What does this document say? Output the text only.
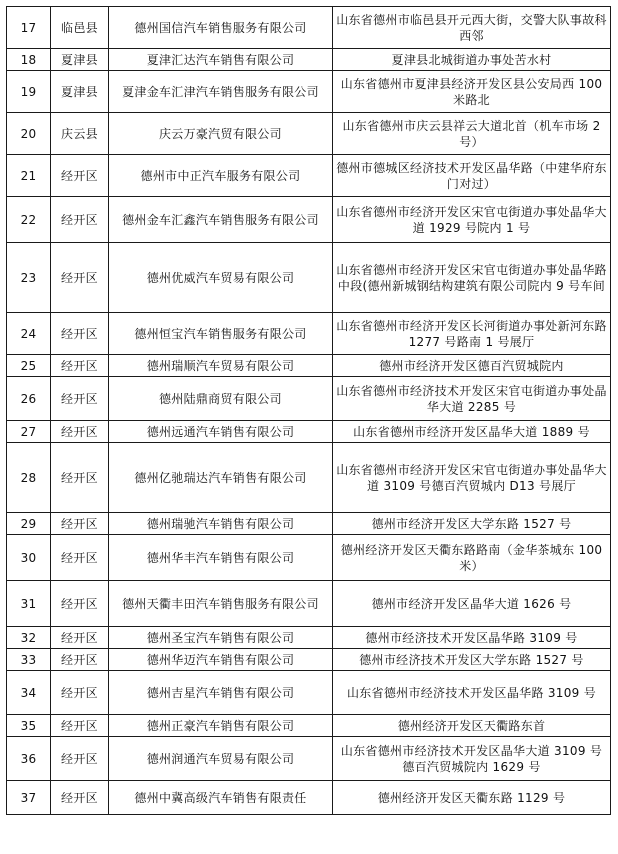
17	临邑县	德州国信汽车销售服务有限公司	山东省德州市临邑县开元西大街，交警大队事故科西邻
18	夏津县	夏津汇达汽车销售有限公司	夏津县北城街道办事处苦水村
19	夏津县	夏津金车汇津汽车销售服务有限公司	山东省德州市夏津县经济开发区县公安局西 100 米路北
20	庆云县	庆云万豪汽贸有限公司	山东省德州市庆云县祥云大道北首（机车市场 2 号）
21	经开区	德州市中正汽车服务有限公司	德州市德城区经济技术开发区晶华路（中建华府东门对过）
22	经开区	德州金车汇鑫汽车销售服务有限公司	山东省德州市经济开发区宋官屯街道办事处晶华大道 1929 号院内 1 号
23	经开区	德州优威汽车贸易有限公司	山东省德州市经济开发区宋官屯街道办事处晶华路中段(德州新城钢结构建筑有限公司院内 9 号车间
24	经开区	德州恒宝汽车销售服务有限公司	山东省德州市经济开发区长河街道办事处新河东路 1277 号路南 1 号展厅
25	经开区	德州瑞顺汽车贸易有限公司	德州市经济开发区德百汽贸城院内
26	经开区	德州陆鼎商贸有限公司	山东省德州市经济技术开发区宋官屯街道办事处晶华大道 2285 号
27	经开区	德州远通汽车销售有限公司	山东省德州市经济开发区晶华大道 1889 号
28	经开区	德州亿驰瑞达汽车销售有限公司	山东省德州市经济开发区宋官屯街道办事处晶华大道 3109 号德百汽贸城内 D13 号展厅
29	经开区	德州瑞驰汽车销售有限公司	德州市经济开发区大学东路 1527 号
30	经开区	德州华丰汽车销售有限公司	德州经济开发区天衢东路路南（金华茶城东 100 米）
31	经开区	德州天衢丰田汽车销售服务有限公司	德州市经济开发区晶华大道 1626 号
32	经开区	德州圣宝汽车销售有限公司	德州市经济技术开发区晶华路 3109 号
33	经开区	德州华迈汽车销售有限公司	德州市经济技术开发区大学东路 1527 号
34	经开区	德州吉星汽车销售有限公司	山东省德州市经济技术开发区晶华路 3109 号
35	经开区	德州正豪汽车销售有限公司	德州经济开发区天衢路东首
36	经开区	德州润通汽车贸易有限公司	山东省德州市经济技术开发区晶华大道 3109 号德百汽贸城院内 1629 号
37	经开区	德州中冀高级汽车销售有限责任	德州经济开发区天衢东路 1129 号
